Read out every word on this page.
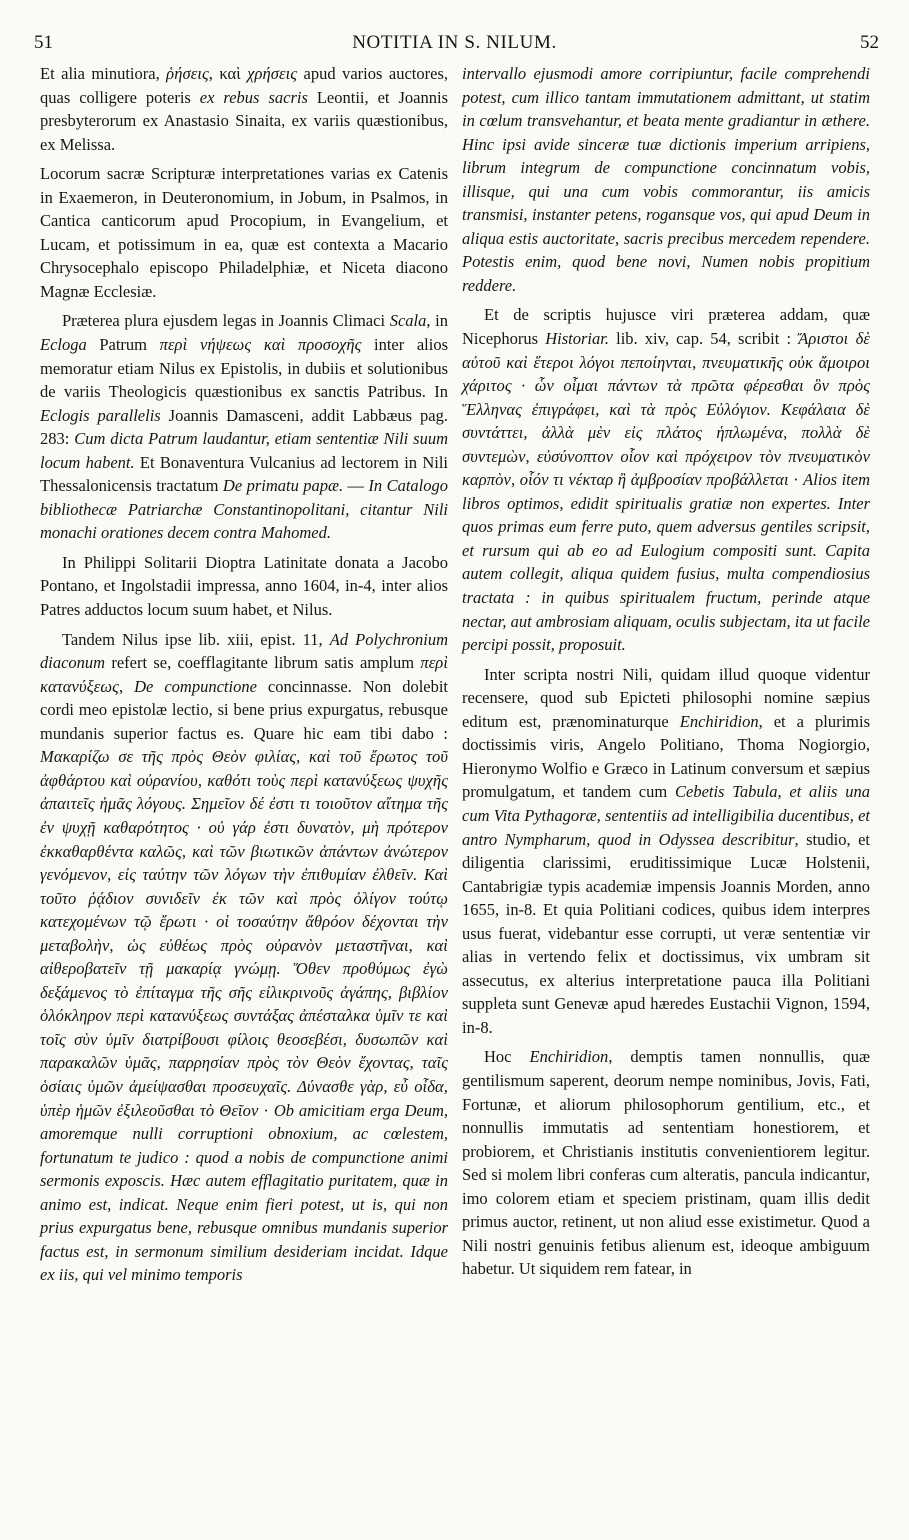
51	NOTITIA IN S. NILUM.	52

Et alia minutiora, ῥήσεις, καὶ χρήσεις apud varios auctores, quas colligere poteris ex rebus sacris Leontii, et Joannis presbyterorum ex Anastasio Sinaita, ex variis quæstionibus, ex Melissa.

Locorum sacræ Scripturæ interpretationes varias ex Catenis in Exaemeron, in Deuteronomium, in Jobum, in Psalmos, in Cantica canticorum apud Procopium, in Evangelium, et Lucam, et potissimum in ea, quæ est contexta a Macario Chrysocephalo episcopo Philadelphiæ, et Niceta diacono Magnæ Ecclesiæ.

Præterea plura ejusdem legas in Joannis Climaci Scala, in Ecloga Patrum περὶ νήψεως καὶ προσοχῆς inter alios memoratur etiam Nilus ex Epistolis, in dubiis et solutionibus de variis Theologicis quæstionibus ex sanctis Patribus. In Eclogis parallelis Joannis Damasceni, addit Labbæus pag. 283: Cum dicta Patrum laudantur, etiam sententiæ Nili suum locum habent. Et Bonaventura Vulcanius ad lectorem in Nili Thessalonicensis tractatum De primatu papæ. — In Catalogo bibliothecæ Patriarchæ Constantinopolitani, citantur Nili monachi orationes decem contra Mahomed.

In Philippi Solitarii Dioptra Latinitate donata a Jacobo Pontano, et Ingolstadii impressa, anno 1604, in-4, inter alios Patres adductos locum suum habet, et Nilus.

Tandem Nilus ipse lib. xiii, epist. 11, Ad Polychronium diaconum refert se, coefflagitante librum satis amplum περὶ κατανύξεως, De compunctione concinnasse. Non dolebit cordi meo epistolæ lectio, si bene prius expurgatus, rebusque mundanis superior factus es. Quare hic eam tibi dabo : Μακαρίζω σε τῆς πρὸς Θεὸν φιλίας, καὶ τοῦ ἔρωτος τοῦ ἀφθάρτου καὶ οὐρανίου, καθότι τοὺς περὶ κατανύξεως ψυχῆς ἀπαιτεῖς ἡμᾶς λόγους. Σημεῖον δέ ἐστι τι τοιοῦτον αἴτημα τῆς ἐν ψυχῇ καθαρότητος · οὐ γάρ ἐστι δυνατὸν, μὴ πρότερον ἐκκαθαρθέντα καλῶς, καὶ τῶν βιωτικῶν ἁπάντων ἀνώτερον γενόμενον, εἰς ταύτην τῶν λόγων τὴν ἐπιθυμίαν ἐλθεῖν. Καὶ τοῦτο ῥᾴδιον συνιδεῖν ἐκ τῶν καὶ πρὸς ὀλίγον τούτῳ κατεχομένων τῷ ἔρωτι · οἱ τοσαύτην ἄθρόον δέχονται τὴν μεταβολὴν, ὡς εὐθέως πρὸς οὐρανὸν μεταστῆναι, καὶ αἰθεροβατεῖν τῇ μακαρίᾳ γνώμῃ. Ὅθεν προθύμως ἐγὼ δεξάμενος τὸ ἐπίταγμα τῆς σῆς εἰλικρινοῦς ἀγάπης, βιβλίον ὁλόκληρον περὶ κατανύξεως συντάξας ἀπέσταλκα ὑμῖν τε καὶ τοῖς σὺν ὑμῖν διατρίβουσι φίλοις θεοσεβέσι, δυσωπῶν καὶ παρακαλῶν ὑμᾶς, παρρησίαν πρὸς τὸν Θεὸν ἔχοντας, ταῖς ὁσίαις ὑμῶν ἀμείψασθαι προσευχαῖς. Δύνασθε γὰρ, εὖ οἶδα, ὑπὲρ ἡμῶν ἐξιλεοῦσθαι τὸ Θεῖον · Ob amicitiam erga Deum, amoremque nulli corruptioni obnoxium, ac cœlestem, fortunatum te judico : quod a nobis de compunctione animi sermonis exposcis. Hæc autem efflagitatio puritatem, quæ in animo est, indicat. Neque enim fieri potest, ut is, qui non prius expurgatus bene, rebusque omnibus mundanis superior factus est, in sermonum similium desideriam incidat. Idque ex iis, qui vel minimo temporis

intervallo ejusmodi amore corripiuntur, facile comprehendi potest, cum illico tantam immutationem admittant, ut statim in cœlum transvehantur, et beata mente gradiantur in æthere. Hinc ipsi avide sinceræ tuæ dictionis imperium arripiens, librum integrum de compunctione concinnatum vobis, illisque, qui una cum vobis commorantur, iis amicis transmisi, instanter petens, rogansque vos, qui apud Deum in aliqua estis auctoritate, sacris precibus mercedem rependere. Potestis enim, quod bene novi, Numen nobis propitium reddere.

Et de scriptis hujusce viri præterea addam, quæ Nicephorus Historiar. lib. xiv, cap. 54, scribit : Ἄριστοι δὲ αὐτοῦ καὶ ἕτεροι λόγοι πεποίηνται, πνευματικῆς οὐκ ἄμοιροι χάριτος · ὧν οἶμαι πάντων τὰ πρῶτα φέρεσθαι ὃν πρὸς Ἕλληνας ἐπιγράφει, καὶ τὰ πρὸς Εὐλόγιον. Κεφάλαια δὲ συντάττει, ἀλλὰ μὲν εἰς πλάτος ἡπλωμένα, πολλὰ δὲ συντεμὼν, εὐσύνοπτον οἷον καὶ πρόχειρον τὸν πνευματικὸν καρπὸν, οἷόν τι νέκταρ ἢ ἀμβροσίαν προβάλλεται · Alios item libros optimos, edidit spiritualis gratiæ non expertes. Inter quos primas eum ferre puto, quem adversus gentiles scripsit, et rursum qui ab eo ad Eulogium compositi sunt. Capita autem collegit, aliqua quidem fusius, multa compendiosius tractata : in quibus spiritualem fructum, perinde atque nectar, aut ambrosiam aliquam, oculis subjectam, ita ut facile percipi possit, proposuit.

Inter scripta nostri Nili, quidam illud quoque videntur recensere, quod sub Epicteti philosophi nomine sæpius editum est, prænominaturque Enchiridion, et a plurimis doctissimis viris, Angelo Politiano, Thoma Nogiorgio, Hieronymo Wolfio e Græco in Latinum conversum et sæpius promulgatum, et tandem cum Cebetis Tabula, et aliis una cum Vita Pythagoræ, sententiis ad intelligibilia ducentibus, et antro Nympharum, quod in Odyssea describitur, studio, et diligentia clarissimi, eruditissimique Lucæ Holstenii, Cantabrigiæ typis academiæ impensis Joannis Morden, anno 1655, in-8. Et quia Politiani codices, quibus idem interpres usus fuerat, videbantur esse corrupti, ut veræ sententiæ vir alias in vertendo felix et doctissimus, vix umbram sit assecutus, ex alterius interpretatione pauca illa Politiani suppleta sunt Genevæ apud hæredes Eustachii Vignon, 1594, in-8.

Hoc Enchiridion, demptis tamen nonnullis, quæ gentilismum saperent, deorum nempe nominibus, Jovis, Fati, Fortunæ, et aliorum philosophorum gentilium, etc., et nonnullis immutatis ad sententiam honestiorem, et probiorem, et Christianis institutis convenientiorem legitur. Sed si molem libri conferas cum alteratis, pancula indicantur, imo colorem etiam et speciem pristinam, quam illis dedit primus auctor, retinent, ut non aliud esse existimetur. Quod a Nili nostri genuinis fetibus alienum est, ideoque ambiguum habetur. Ut siquidem rem fatear, in
